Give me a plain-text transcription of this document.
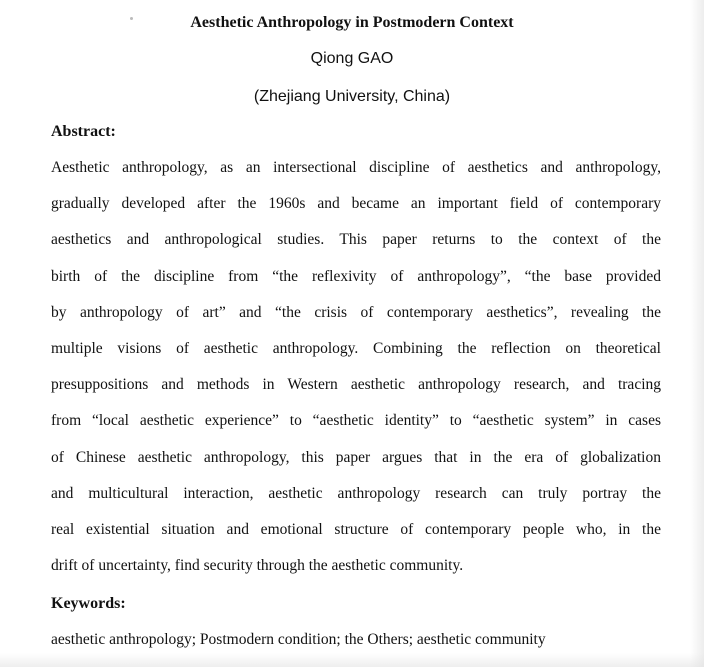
Aesthetic Anthropology in Postmodern Context
Qiong GAO
(Zhejiang University, China)
Abstract:
Aesthetic anthropology, as an intersectional discipline of aesthetics and anthropology,
gradually developed after the 1960s and became an important field of contemporary
aesthetics and anthropological studies. This paper returns to the context of the
birth of the discipline from “the reflexivity of anthropology”, “the base provided
by anthropology of art” and “the crisis of contemporary aesthetics”, revealing the
multiple visions of aesthetic anthropology. Combining the reflection on theoretical
presuppositions and methods in Western aesthetic anthropology research, and tracing
from “local aesthetic experience” to “aesthetic identity” to “aesthetic system” in cases
of Chinese aesthetic anthropology, this paper argues that in the era of globalization
and multicultural interaction, aesthetic anthropology research can truly portray the
real existential situation and emotional structure of contemporary people who, in the
drift of uncertainty, find security through the aesthetic community.
Keywords:
aesthetic anthropology; Postmodern condition; the Others; aesthetic community
